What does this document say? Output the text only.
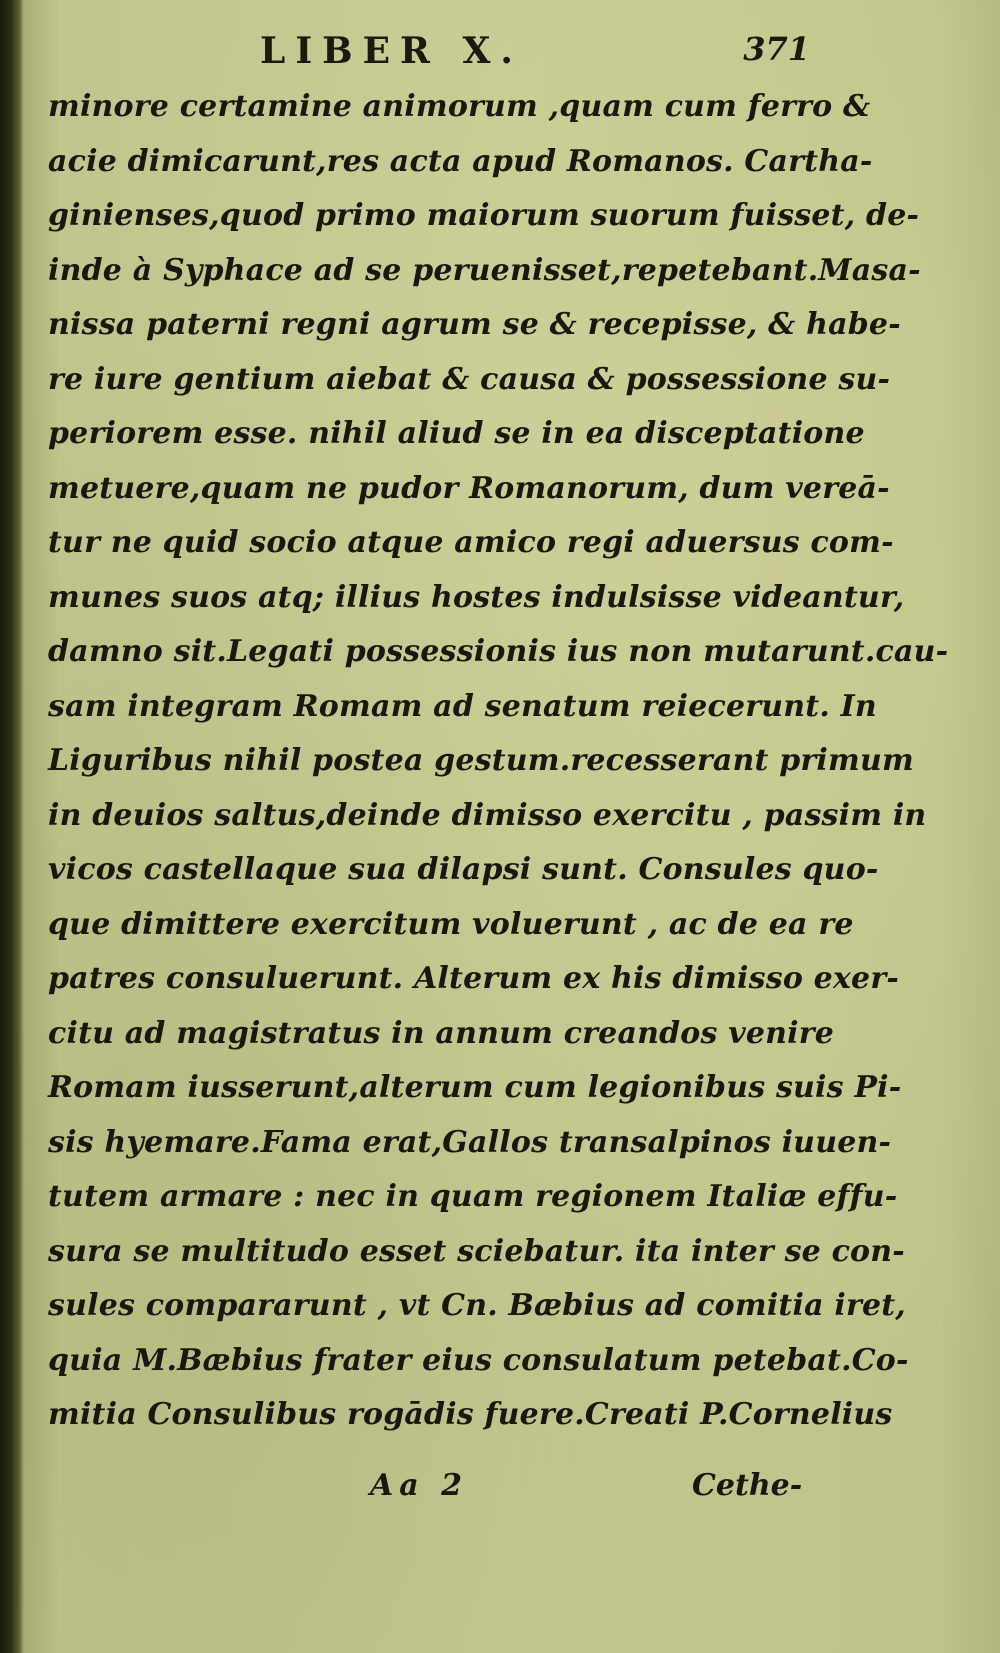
LIBER X.	371
minore certamine animorum ,quam cum ferro &
acie dimicarunt,res acta apud Romanos. Cartha-
ginienses,quod primo maiorum suorum fuisset, de-
inde à Syphace ad se peruenisset,repetebant.Masa-
nissa paterni regni agrum se & recepisse, & habe-
re iure gentium aiebat & causa & possessione su-
periorem esse. nihil aliud se in ea disceptatione
metuere,quam ne pudor Romanorum, dum vereā-
tur ne quid socio atque amico regi aduersus com-
munes suos atq; illius hostes indulsisse videantur,
damno sit.Legati possessionis ius non mutarunt.cau-
sam integram Romam ad senatum reiecerunt. In
Liguribus nihil postea gestum.recesserant primum
in deuios saltus,deinde dimisso exercitu , passim in
vicos castellaque sua dilapsi sunt. Consules quo-
que dimittere exercitum voluerunt , ac de ea re
patres consuluerunt. Alterum ex his dimisso exer-
citu ad magistratus in annum creandos venire
Romam iusserunt,alterum cum legionibus suis Pi-
sis hyemare.Fama erat,Gallos transalpinos iuuen-
tutem armare : nec in quam regionem Italiæ effu-
sura se multitudo esset sciebatur. ita inter se con-
sules compararunt , vt Cn. Bæbius ad comitia iret,
quia M.Bæbius frater eius consulatum petebat.Co-
mitia Consulibus rogādis fuere.Creati P.Cornelius
Aa 2	Cethe-
